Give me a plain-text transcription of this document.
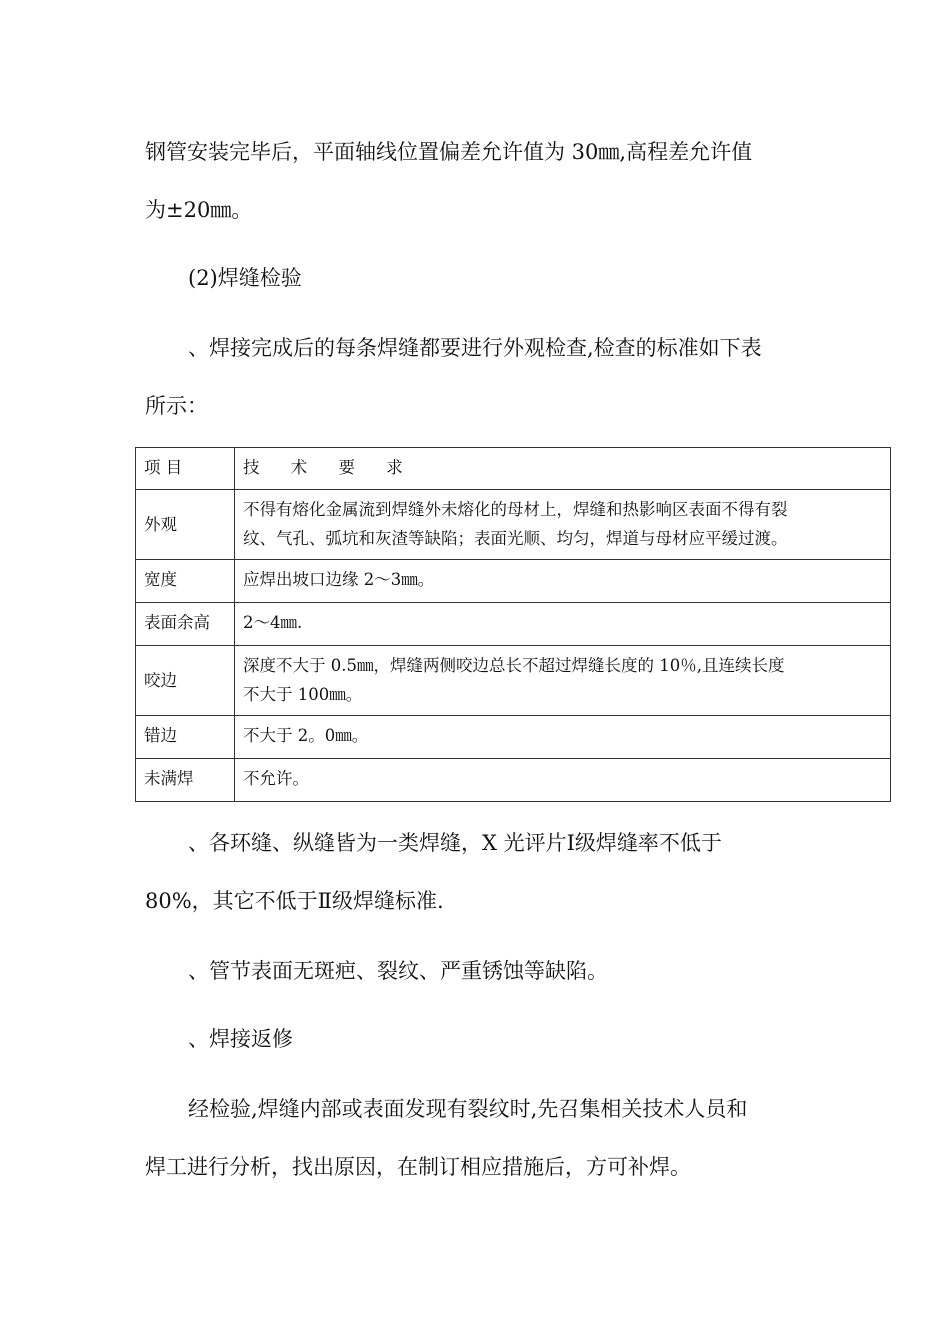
钢管安装完毕后，平面轴线位置偏差允许值为 30㎜,高程差允许值
为±20㎜。
(2)焊缝检验
、焊接完成后的每条焊缝都要进行外观检查,检查的标准如下表
所示：
项 目	技 术 要 求
外观	不得有熔化金属流到焊缝外未熔化的母材上，焊缝和热影响区表面不得有裂
纹、气孔、弧坑和灰渣等缺陷；表面光顺、均匀，焊道与母材应平缓过渡。

宽度	应焊出坡口边缘 2～3㎜。

表面余高	2～4㎜.

咬边	深度不大于 0.5㎜，焊缝两侧咬边总长不超过焊缝长度的 10％,且连续长度
不大于 100㎜。

错边	不大于 2。0㎜。

未满焊	不允许。
、各环缝、纵缝皆为一类焊缝，X 光评片Ⅰ级焊缝率不低于
80%，其它不低于Ⅱ级焊缝标准.
、管节表面无斑疤、裂纹、严重锈蚀等缺陷。
、焊接返修
经检验,焊缝内部或表面发现有裂纹时,先召集相关技术人员和
焊工进行分析，找出原因，在制订相应措施后，方可补焊。
